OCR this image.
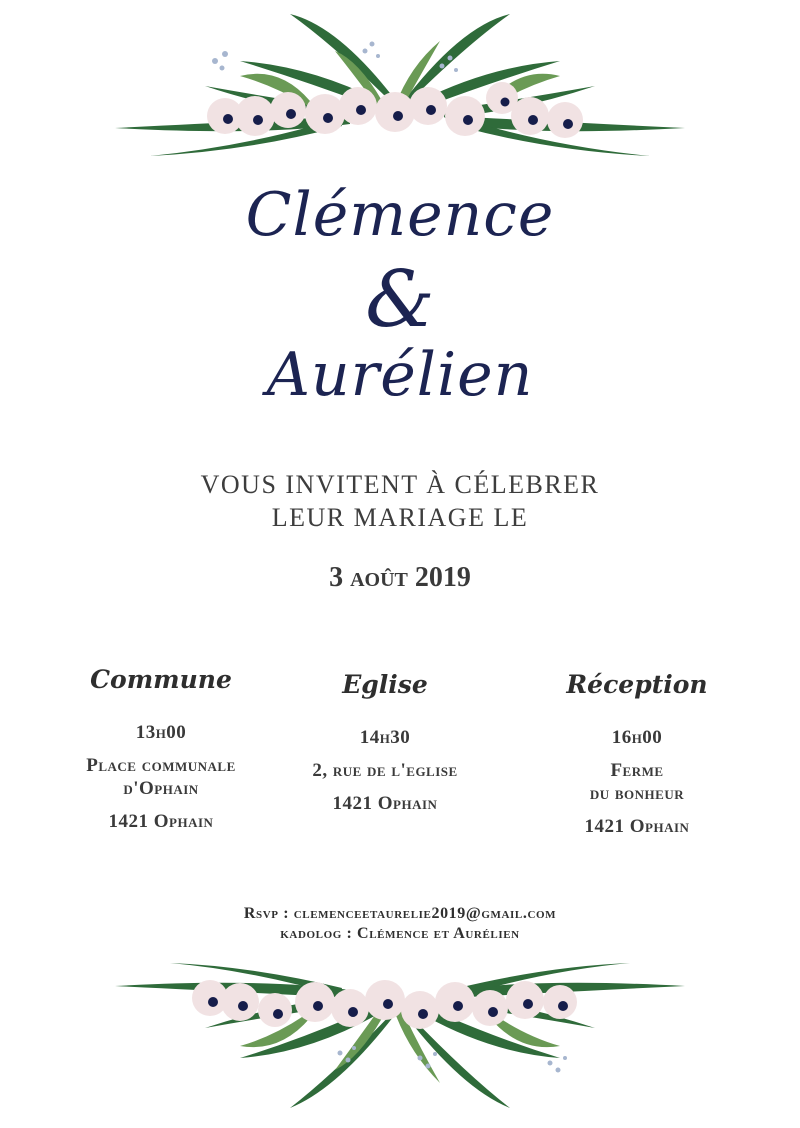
Clémence
&
Aurélien
VOUS INVITENT À CÉLEBRER
LEUR MARIAGE LE
3 août 2019
Commune
13h00
Place communale
d'Ophain
1421 Ophain
Eglise
14h30
2, rue de l'eglise
1421 Ophain
Réception
16h00
Ferme
du bonheur
1421 Ophain
Rsvp : clemenceetaurelie2019@gmail.com
kadolog : Clémence et Aurélien
